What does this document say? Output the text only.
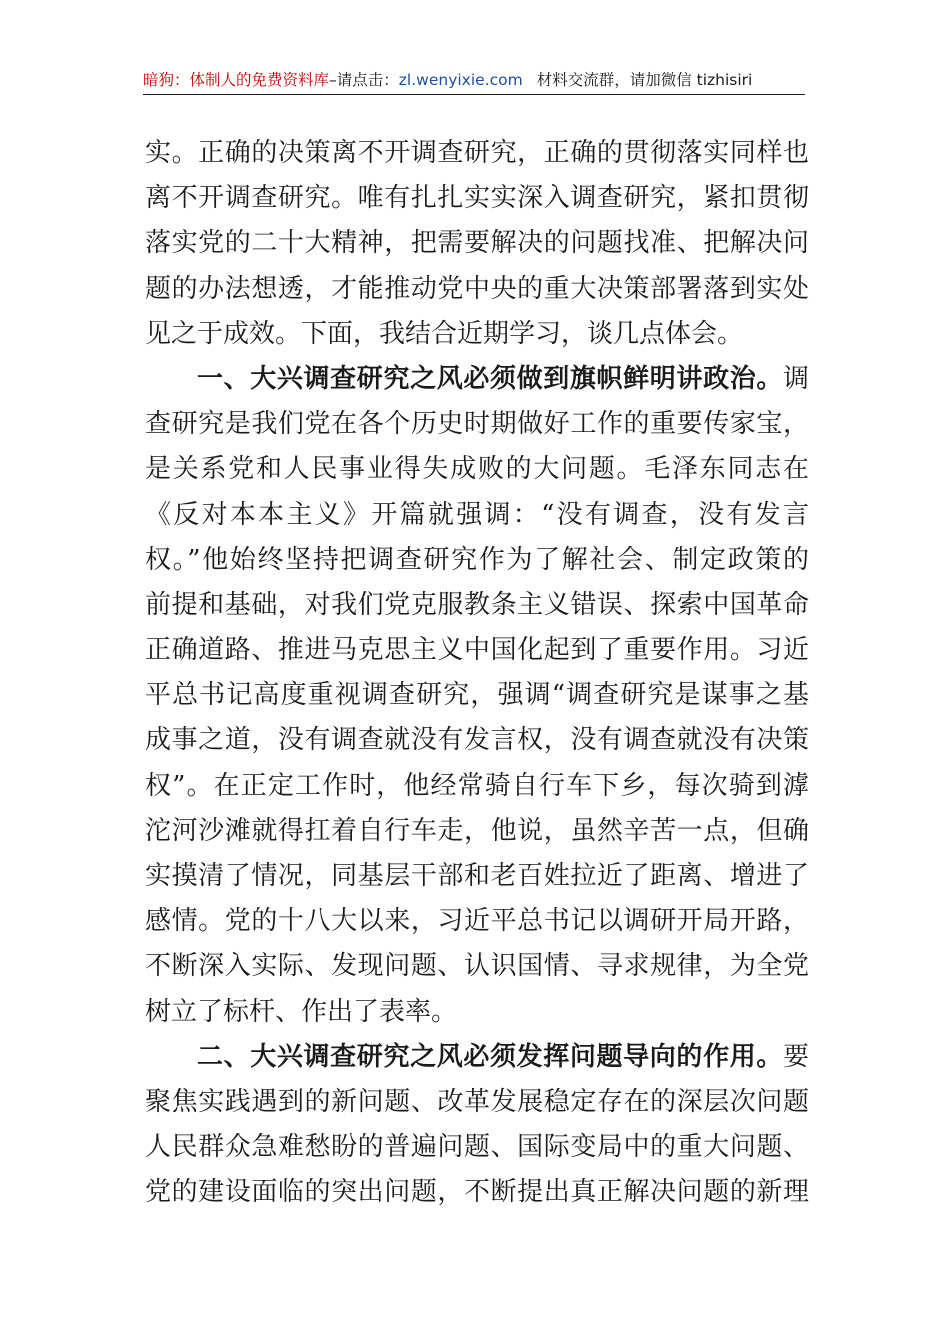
暗狗：体制人的免费资料库–请点击：zl.wenyixie.com 材料交流群，请加微信 tizhisiri
实。正确的决策离不开调查研究，正确的贯彻落实同样也
离不开调查研究。唯有扎扎实实深入调查研究，紧扣贯彻
落实党的二十大精神，把需要解决的问题找准、把解决问
题的办法想透，才能推动党中央的重大决策部署落到实处
见之于成效。下面，我结合近期学习，谈几点体会。
一、大兴调查研究之风必须做到旗帜鲜明讲政治。调
查研究是我们党在各个历史时期做好工作的重要传家宝，
是关系党和人民事业得失成败的大问题。毛泽东同志在
《反对本本主义》开篇就强调：“没有调查，没有发言
权。”他始终坚持把调查研究作为了解社会、制定政策的
前提和基础，对我们党克服教条主义错误、探索中国革命
正确道路、推进马克思主义中国化起到了重要作用。习近
平总书记高度重视调查研究，强调“调查研究是谋事之基
成事之道，没有调查就没有发言权，没有调查就没有决策
权”。在正定工作时，他经常骑自行车下乡，每次骑到滹
沱河沙滩就得扛着自行车走，他说，虽然辛苦一点，但确
实摸清了情况，同基层干部和老百姓拉近了距离、增进了
感情。党的十八大以来，习近平总书记以调研开局开路，
不断深入实际、发现问题、认识国情、寻求规律，为全党
树立了标杆、作出了表率。
二、大兴调查研究之风必须发挥问题导向的作用。要
聚焦实践遇到的新问题、改革发展稳定存在的深层次问题
人民群众急难愁盼的普遍问题、国际变局中的重大问题、
党的建设面临的突出问题，不断提出真正解决问题的新理
